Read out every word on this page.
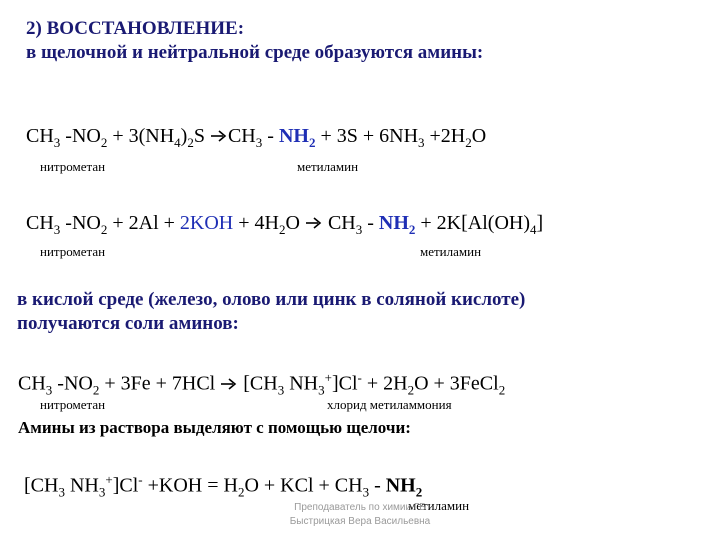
2) ВОССТАНОВЛЕНИЕ:
в щелочной и нейтральной среде образуются амины:
$CH_3$ $-NO_2 + 3(NH_4)_2S$
$CH_3 - NH_2 + 3S + 6NH_3 +2H_2O$
нитрометан	метиламин
$CH_3$ $-NO_2 + 2Al + 2KOH + 4H_2O$
$CH_3 - NH_2 + 2K[Al(OH)_4]$
нитрометан	метиламин
в кислой среде (железо, олово или цинк в соляной кислоте)
получаются соли аминов:
$CH_3$ $-NO_2 + 3Fe + 7HCl$
[$CH_3$ $NH_3^+]Cl^- + 2H_2O$ + 3FeCl$_2$
нитрометан	хлорид метиламмония
Амины из раствора выделяют с помощью щелочи:
[$CH_3$ $NH_3^+]Cl^- +KOH = H_2O$ + KCl + $CH_3 - NH_2$
метиламин
Преподаватель по химии ГБ
Быстрицкая Вера Васильевна
